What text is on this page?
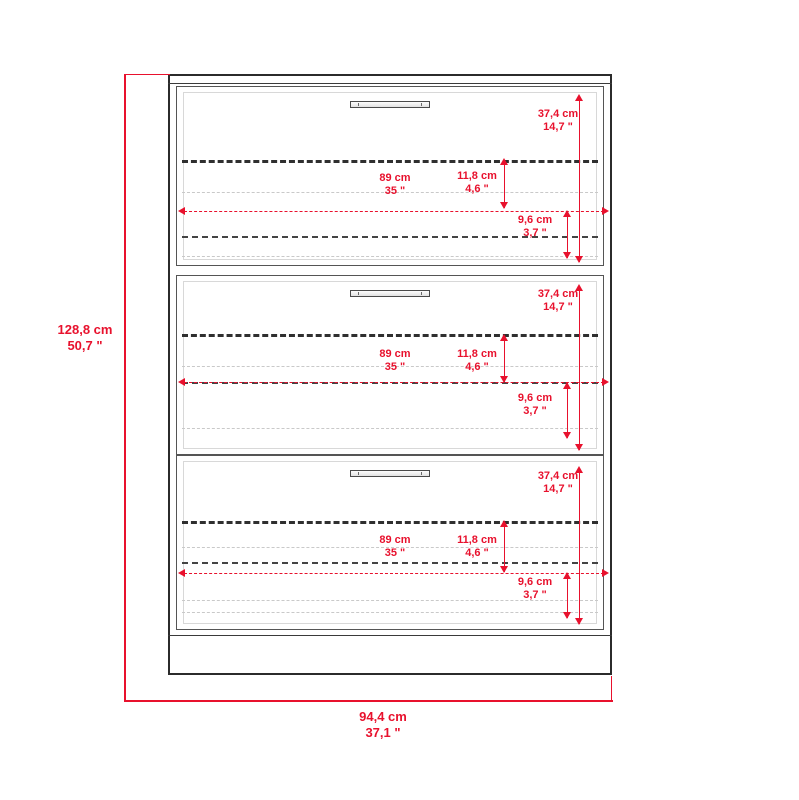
128,8 cm
50,7 "
94,4 cm
37,1 "
37,4 cm
14,7 "
89 cm
35 "
11,8 cm
4,6 "
9,6 cm
3,7 "
37,4 cm
14,7 "
89 cm
35 "
11,8 cm
4,6 "
9,6 cm
3,7 "
37,4 cm
14,7 "
89 cm
35 "
11,8 cm
4,6 "
9,6 cm
3,7 "
